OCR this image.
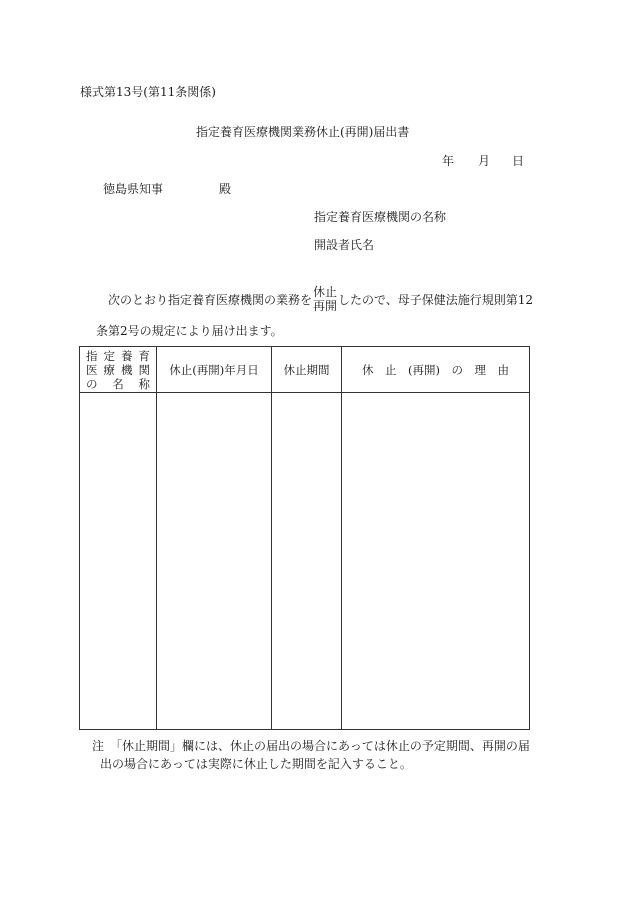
様式第13号(第11条関係)
指定養育医療機関業務休止(再開)届出書
年 月 日
徳島県知事	殿
指定養育医療機関の名称
開設者氏名
次のとおり指定養育医療機関の業務を
休止
再開 したので、母子保健法施行規則第12
条第2号の規定により届け出ます。
指定養育
医療機関
の名称	休止(再開)年月日	休止期間	休　止　(再開)　の　理　由

注　「休止期間」欄には、休止の届出の場合にあっては休止の予定期間、再開の届
出の場合にあっては実際に休止した期間を記入すること。
